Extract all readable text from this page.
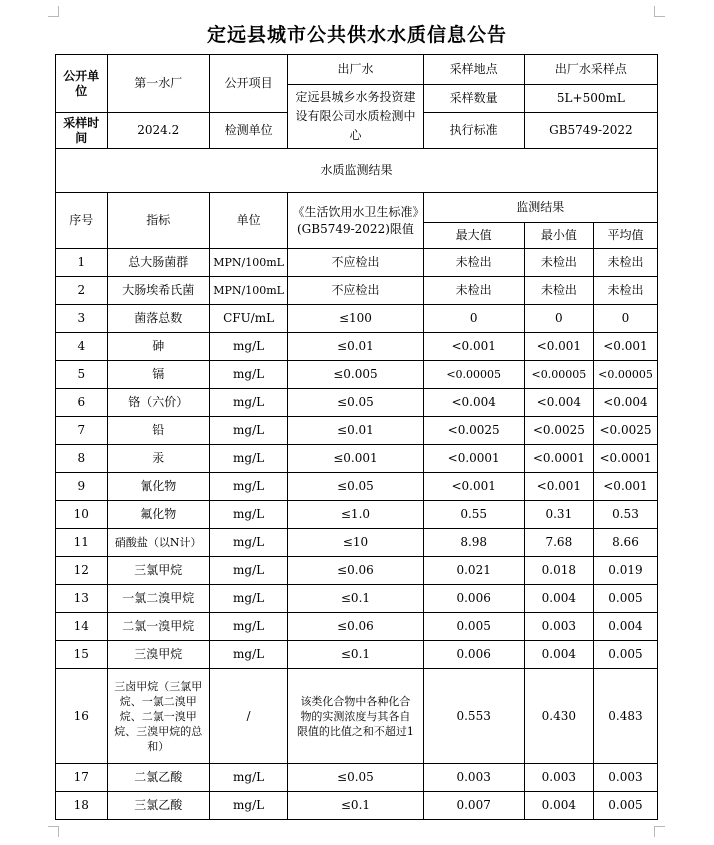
定远县城市公共供水水质信息公告
公开单位	第一水厂	公开项目	出厂水	采样地点	出厂水采样点	
			定远县城乡水务投资建设有限公司水质检测中心	采样数量	5L+500mL	
采样时间	2024.2	检测单位		执行标准	GB5749-2022	

水质监测结果						
序号	指标	单位	《生活饮用水卫生标准》(GB5749-2022)限值	监测结果		
				最大值	最小值	平均值
1	总大肠菌群	MPN/100mL	不应检出	未检出	未检出	未检出
2	大肠埃希氏菌	MPN/100mL	不应检出	未检出	未检出	未检出
3	菌落总数	CFU/mL	≤100	0	0	0
4	砷	mg/L	≤0.01	<0.001	<0.001	<0.001
5	镉	mg/L	≤0.005	<0.00005	<0.00005	<0.00005
6	铬（六价）	mg/L	≤0.05	<0.004	<0.004	<0.004
7	铅	mg/L	≤0.01	<0.0025	<0.0025	<0.0025
8	汞	mg/L	≤0.001	<0.0001	<0.0001	<0.0001
9	氰化物	mg/L	≤0.05	<0.001	<0.001	<0.001
10	氟化物	mg/L	≤1.0	0.55	0.31	0.53
11	硝酸盐（以N计）	mg/L	≤10	8.98	7.68	8.66
12	三氯甲烷	mg/L	≤0.06	0.021	0.018	0.019
13	一氯二溴甲烷	mg/L	≤0.1	0.006	0.004	0.005
14	二氯一溴甲烷	mg/L	≤0.06	0.005	0.003	0.004
15	三溴甲烷	mg/L	≤0.1	0.006	0.004	0.005
16	三卤甲烷（三氯甲烷、一氯二溴甲烷、二氯一溴甲烷、三溴甲烷的总和）	/	该类化合物中各种化合物的实测浓度与其各自限值的比值之和不超过1	0.553	0.430	0.483
17	二氯乙酸	mg/L	≤0.05	0.003	0.003	0.003
18	三氯乙酸	mg/L	≤0.1	0.007	0.004	0.005
